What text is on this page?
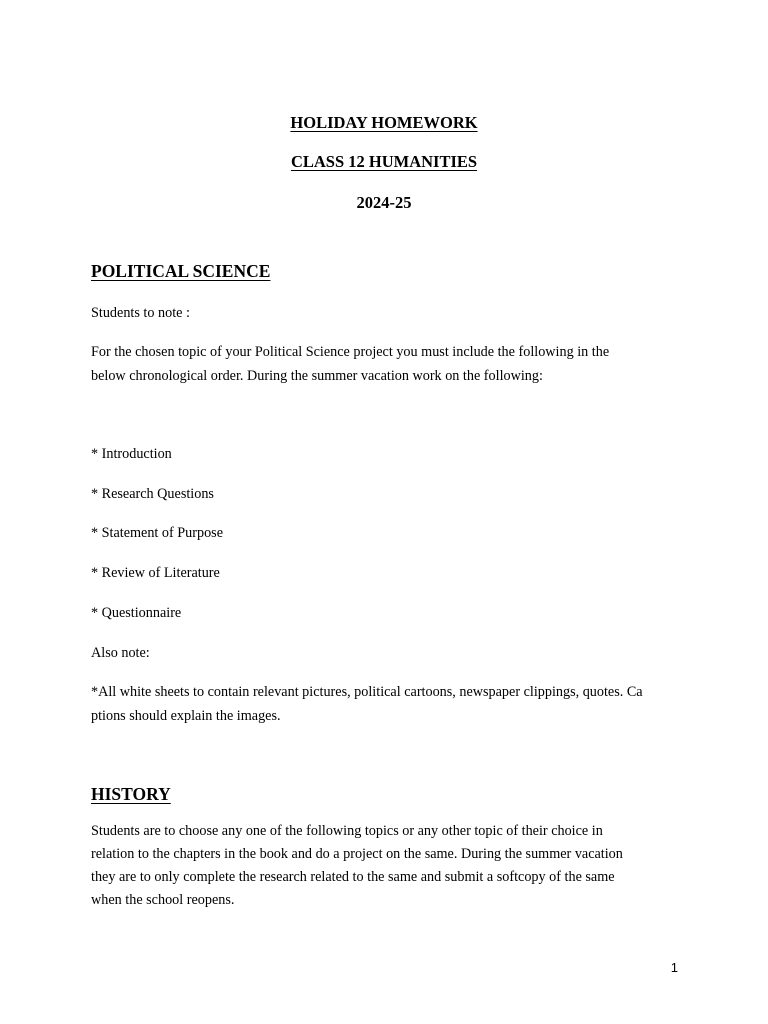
HOLIDAY HOMEWORK
CLASS 12 HUMANITIES
2024-25
POLITICAL SCIENCE
Students to note :
For the chosen topic of your Political Science project you must include the following in the
below chronological order. During the summer vacation work on the following:
* Introduction
* Research Questions
* Statement of Purpose
* Review of Literature
* Questionnaire
Also note:
*All white sheets to contain relevant pictures, political cartoons, newspaper clippings, quotes. Ca
ptions should explain the images.
HISTORY
Students are to choose any one of the following topics or any other topic of their choice in
relation to the chapters in the book and do a project on the same. During the summer vacation
they are to only complete the research related to the same and submit a softcopy of the same
when the school reopens.
1
